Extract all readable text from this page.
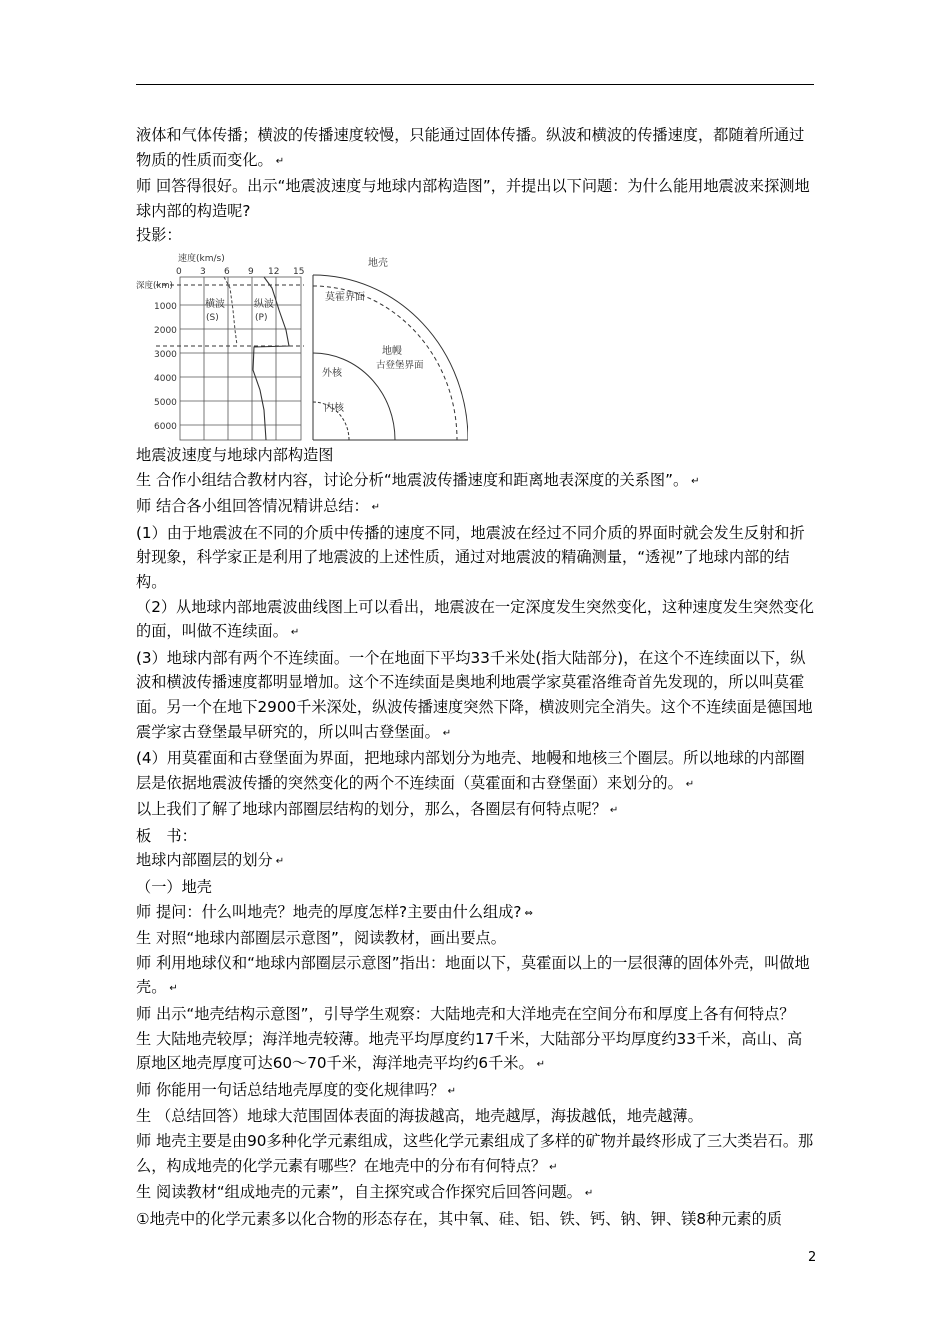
液体和气体传播；横波的传播速度较慢，只能通过固体传播。纵波和横波的传播速度，都随着所通过物质的性质而变化。 ↵

师 回答得很好。出示“地震波速度与地球内部构造图”，并提出以下问题：为什么能用地震波来探测地球内部的构造呢?

投影：

速度(km/s)
0 3 6 9 12 15
深度(km)
1000
2000
3000
4000
5000
6000
横波
(S)
纵波
(P)
地壳
莫霍界面
地幔
古登堡界面
外核
内核

地震波速度与地球内部构造图

生 合作小组结合教材内容，讨论分析“地震波传播速度和距离地表深度的关系图”。 ↵

师 结合各小组回答情况精讲总结： ↵

(1）由于地震波在不同的介质中传播的速度不同，地震波在经过不同介质的界面时就会发生反射和折射现象，科学家正是利用了地震波的上述性质，通过对地震波的精确测量，“透视”了地球内部的结构。

（2）从地球内部地震波曲线图上可以看出，地震波在一定深度发生突然变化，这种速度发生突然变化的面，叫做不连续面。 ↵

(3）地球内部有两个不连续面。一个在地面下平均33千米处(指大陆部分)，在这个不连续面以下，纵波和横波传播速度都明显增加。这个不连续面是奥地利地震学家莫霍洛维奇首先发现的，所以叫莫霍面。另一个在地下2900千米深处，纵波传播速度突然下降，横波则完全消失。这个不连续面是德国地震学家古登堡最早研究的，所以叫古登堡面。 ↵

(4）用莫霍面和古登堡面为界面，把地球内部划分为地壳、地幔和地核三个圈层。所以地球的内部圈层是依据地震波传播的突然变化的两个不连续面（莫霍面和古登堡面）来划分的。 ↵

以上我们了解了地球内部圈层结构的划分，那么，各圈层有何特点呢？ ↵

板　书：

地球内部圈层的划分 ↵

（一）地壳

师 提问：什么叫地壳？地壳的厚度怎样?主要由什么组成? ⇔

生 对照“地球内部圈层示意图”，阅读教材，画出要点。

师 利用地球仪和“地球内部圈层示意图”指出：地面以下，莫霍面以上的一层很薄的固体外壳，叫做地壳。 ↵

师 出示“地壳结构示意图”，引导学生观察：大陆地壳和大洋地壳在空间分布和厚度上各有何特点？

生 大陆地壳较厚；海洋地壳较薄。地壳平均厚度约17千米，大陆部分平均厚度约33千米，高山、高原地区地壳厚度可达60～70千米，海洋地壳平均约6千米。 ↵

师 你能用一句话总结地壳厚度的变化规律吗？ ↵

生 （总结回答）地球大范围固体表面的海拔越高，地壳越厚，海拔越低，地壳越薄。

师 地壳主要是由90多种化学元素组成，这些化学元素组成了多样的矿物并最终形成了三大类岩石。那么，构成地壳的化学元素有哪些？在地壳中的分布有何特点？ ↵

生 阅读教材“组成地壳的元素”，自主探究或合作探究后回答问题。 ↵

①地壳中的化学元素多以化合物的形态存在，其中氧、硅、铝、铁、钙、钠、钾、镁8种元素的质

2
